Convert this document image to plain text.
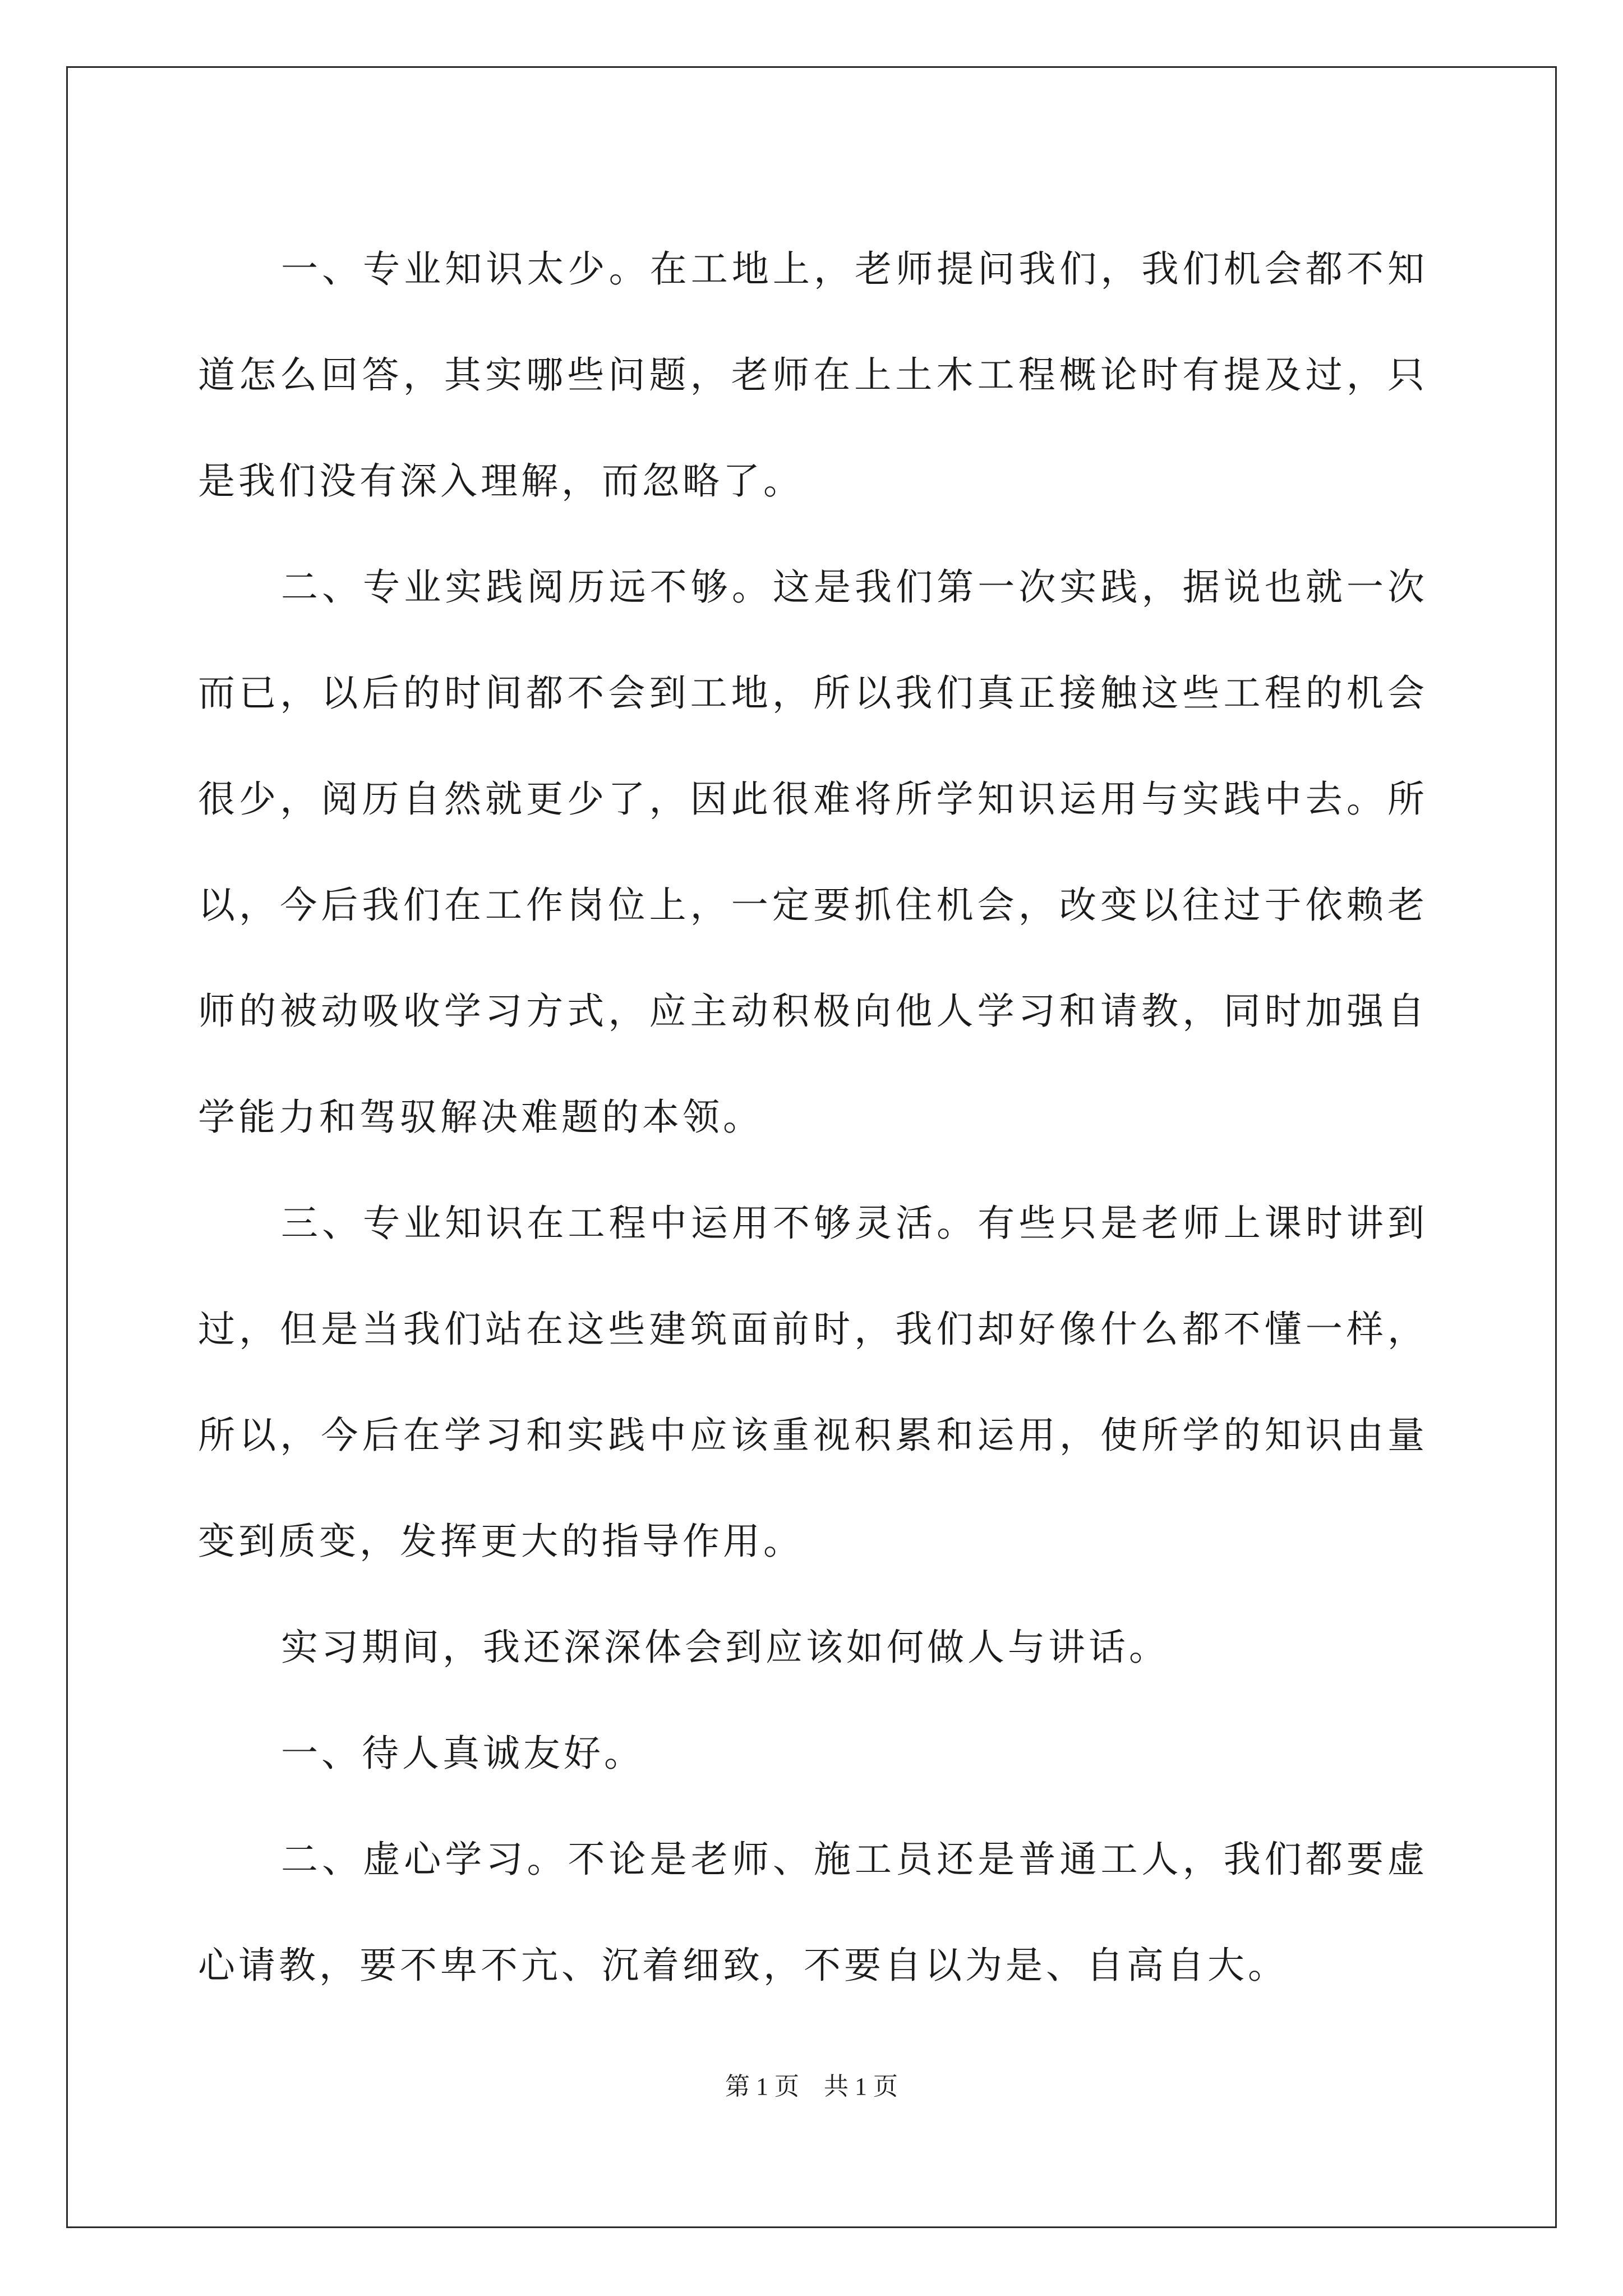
一、专业知识太少。在工地上，老师提问我们，我们机会都不知道怎么回答，其实哪些问题，老师在上土木工程概论时有提及过，只是我们没有深入理解，而忽略了。

二、专业实践阅历远不够。这是我们第一次实践，据说也就一次而已，以后的时间都不会到工地，所以我们真正接触这些工程的机会很少，阅历自然就更少了，因此很难将所学知识运用与实践中去。所以，今后我们在工作岗位上，一定要抓住机会，改变以往过于依赖老师的被动吸收学习方式，应主动积极向他人学习和请教，同时加强自学能力和驾驭解决难题的本领。

三、专业知识在工程中运用不够灵活。有些只是老师上课时讲到过，但是当我们站在这些建筑面前时，我们却好像什么都不懂一样，所以，今后在学习和实践中应该重视积累和运用，使所学的知识由量变到质变，发挥更大的指导作用。

实习期间，我还深深体会到应该如何做人与讲话。

一、待人真诚友好。

二、虚心学习。不论是老师、施工员还是普通工人，我们都要虚心请教，要不卑不亢、沉着细致，不要自以为是、自高自大。

第 1 页 共 1 页
